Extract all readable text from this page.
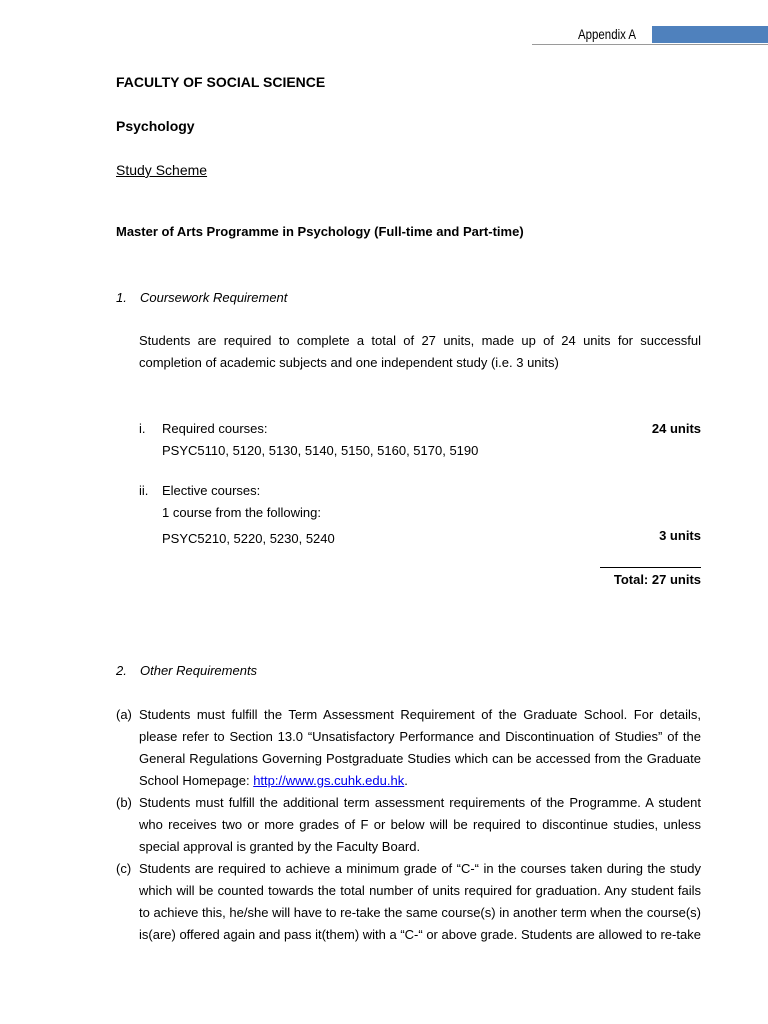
Appendix A
FACULTY OF SOCIAL SCIENCE
Psychology
Study Scheme
Master of Arts Programme in Psychology (Full-time and Part-time)
1. Coursework Requirement
Students are required to complete a total of 27 units, made up of 24 units for successful completion of academic subjects and one independent study (i.e. 3 units)
i. Required courses:	24 units
PSYC5110, 5120, 5130, 5140, 5150, 5160, 5170, 5190
ii. Elective courses:
1 course from the following:
PSYC5210, 5220, 5230, 5240	3 units
Total: 27 units
2. Other Requirements
(a) Students must fulfill the Term Assessment Requirement of the Graduate School. For details, please refer to Section 13.0 “Unsatisfactory Performance and Discontinuation of Studies” of the General Regulations Governing Postgraduate Studies which can be accessed from the Graduate School Homepage: http://www.gs.cuhk.edu.hk.
(b) Students must fulfill the additional term assessment requirements of the Programme. A student who receives two or more grades of F or below will be required to discontinue studies, unless special approval is granted by the Faculty Board.
(c) Students are required to achieve a minimum grade of “C-“ in the courses taken during the study which will be counted towards the total number of units required for graduation. Any student fails to achieve this, he/she will have to re-take the same course(s) in another term when the course(s) is(are) offered again and pass it(them) with a “C-“ or above grade. Students are allowed to re-take
